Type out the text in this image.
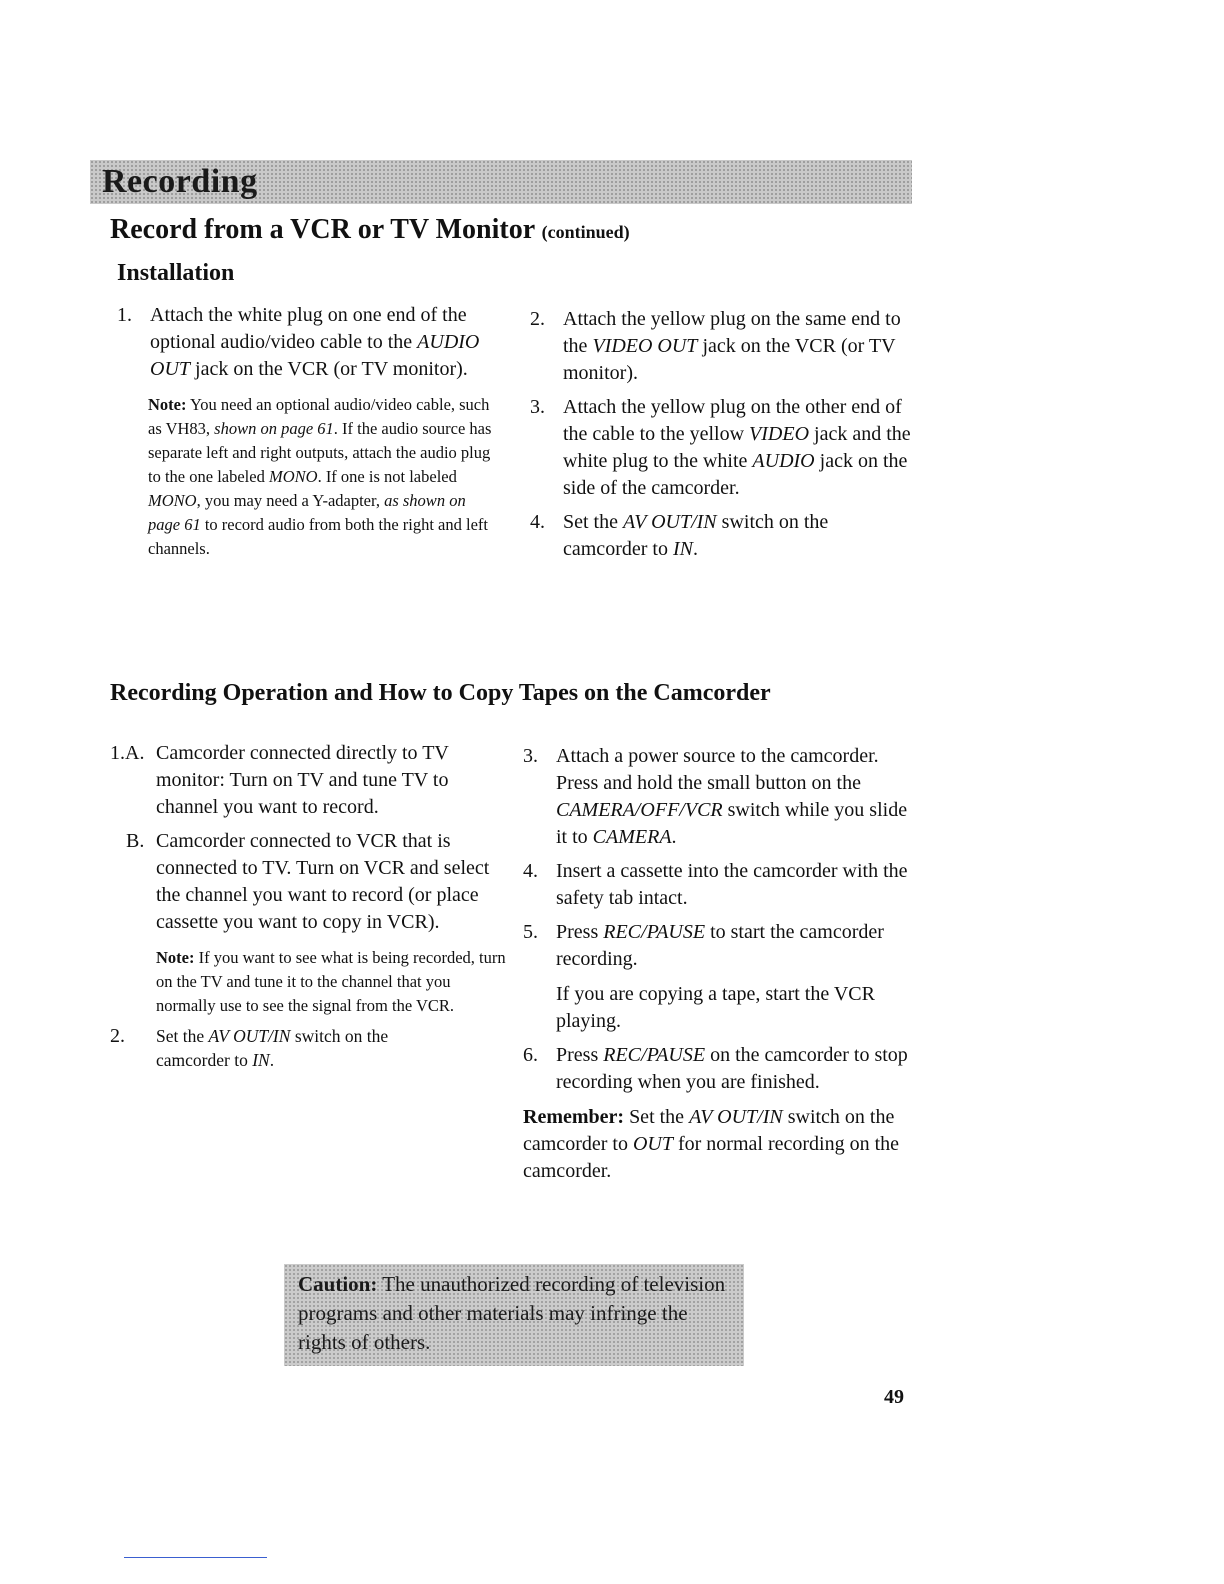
Recording
Record from a VCR or TV Monitor (continued)
Installation
1. Attach the white plug on one end of the optional audio/video cable to the AUDIO OUT jack on the VCR (or TV monitor).
Note: You need an optional audio/video cable, such as VH83, shown on page 61. If the audio source has separate left and right outputs, attach the audio plug to the one labeled MONO. If one is not labeled MONO, you may need a Y-adapter, as shown on page 61 to record audio from both the right and left channels.
2. Attach the yellow plug on the same end to the VIDEO OUT jack on the VCR (or TV monitor).
3. Attach the yellow plug on the other end of the cable to the yellow VIDEO jack and the white plug to the white AUDIO jack on the side of the camcorder.
4. Set the AV OUT/IN switch on the camcorder to IN.
Recording Operation and How to Copy Tapes on the Camcorder
1.A. Camcorder connected directly to TV monitor: Turn on TV and tune TV to channel you want to record.
B. Camcorder connected to VCR that is connected to TV. Turn on VCR and select the channel you want to record (or place cassette you want to copy in VCR).
Note: If you want to see what is being recorded, turn on the TV and tune it to the channel that you normally use to see the signal from the VCR.
2. Set the AV OUT/IN switch on the camcorder to IN.
3. Attach a power source to the camcorder. Press and hold the small button on the CAMERA/OFF/VCR switch while you slide it to CAMERA.
4. Insert a cassette into the camcorder with the safety tab intact.
5. Press REC/PAUSE to start the camcorder recording.
If you are copying a tape, start the VCR playing.
6. Press REC/PAUSE on the camcorder to stop recording when you are finished.
Remember: Set the AV OUT/IN switch on the camcorder to OUT for normal recording on the camcorder.
Caution: The unauthorized recording of television programs and other materials may infringe the rights of others.
49
